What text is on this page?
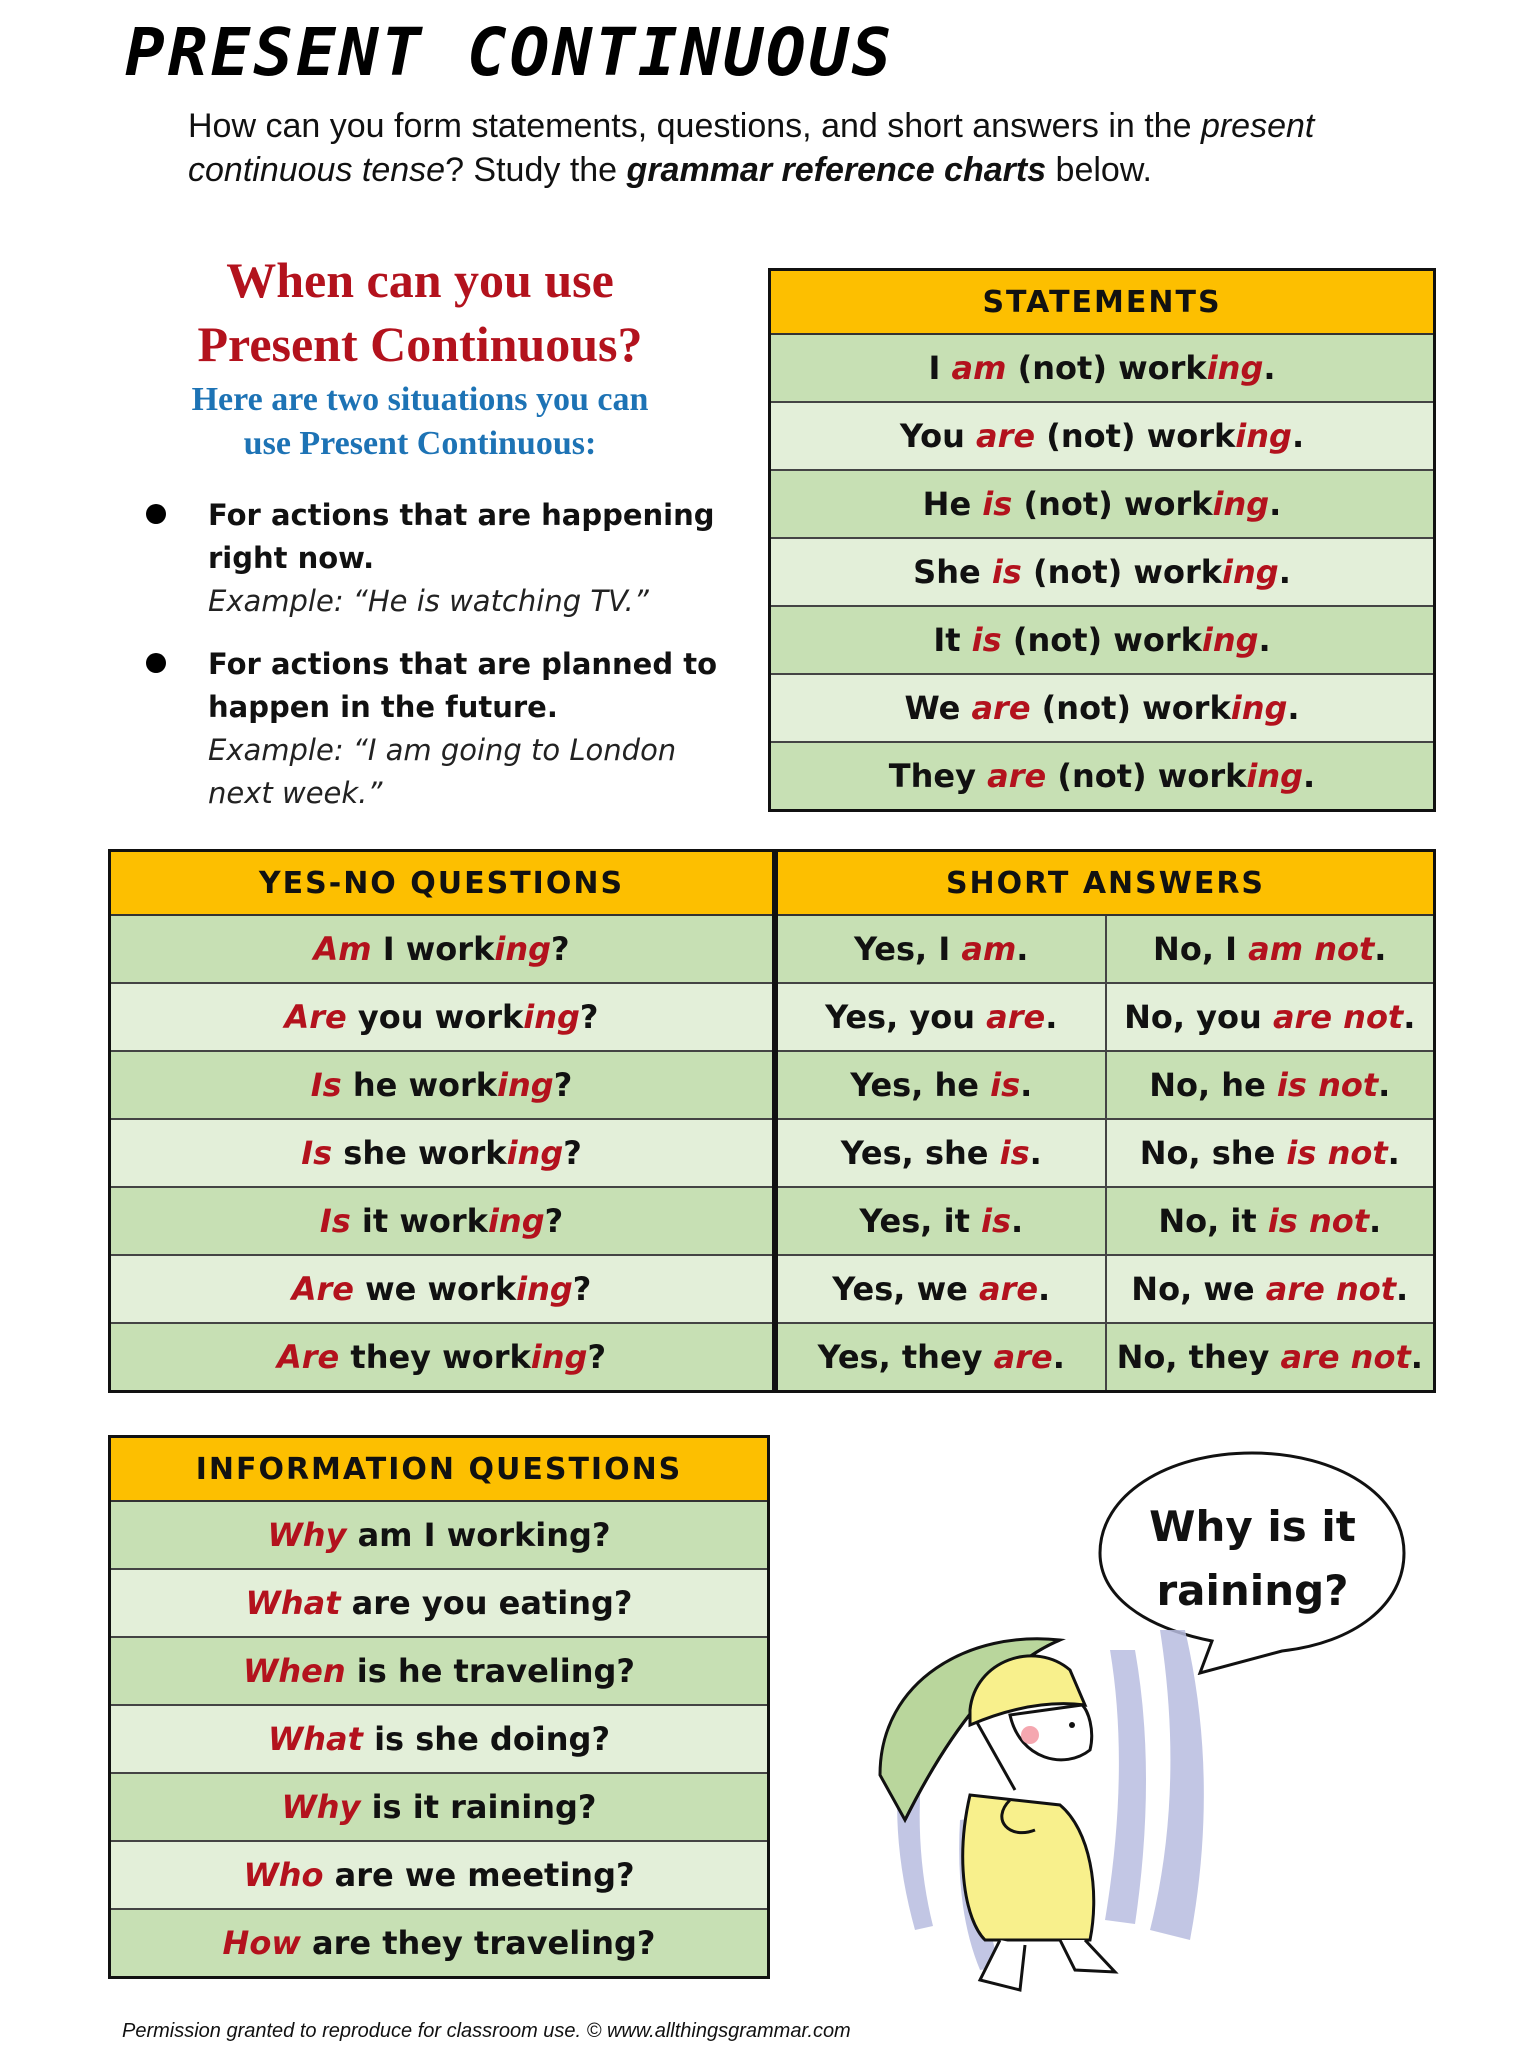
PRESENT CONTINUOUS
How can you form statements, questions, and short answers in the present continuous tense? Study the grammar reference charts below.
When can you use
Present Continuous?
Here are two situations you can
use Present Continuous:
For actions that are happening right now.
Example: “He is watching TV.”
For actions that are planned to happen in the future.
Example: “I am going to London next week.”
STATEMENTS
I am (not) working.
You are (not) working.
He is (not) working.
She is (not) working.
It is (not) working.
We are (not) working.
They are (not) working.
YES-NO QUESTIONS
Am I working?
Are you working?
Is he working?
Is she working?
Is it working?
Are we working?
Are they working?
SHORT ANSWERS	
Yes, I am.	No, I am not.
Yes, you are.	No, you are not.
Yes, he is.	No, he is not.
Yes, she is.	No, she is not.
Yes, it is.	No, it is not.
Yes, we are.	No, we are not.
Yes, they are.	No, they are not.
INFORMATION QUESTIONS
Why am I working?
What are you eating?
When is he traveling?
What is she doing?
Why is it raining?
Who are we meeting?
How are they traveling?
Why is it
raining?
Permission granted to reproduce for classroom use. © www.allthingsgrammar.com
